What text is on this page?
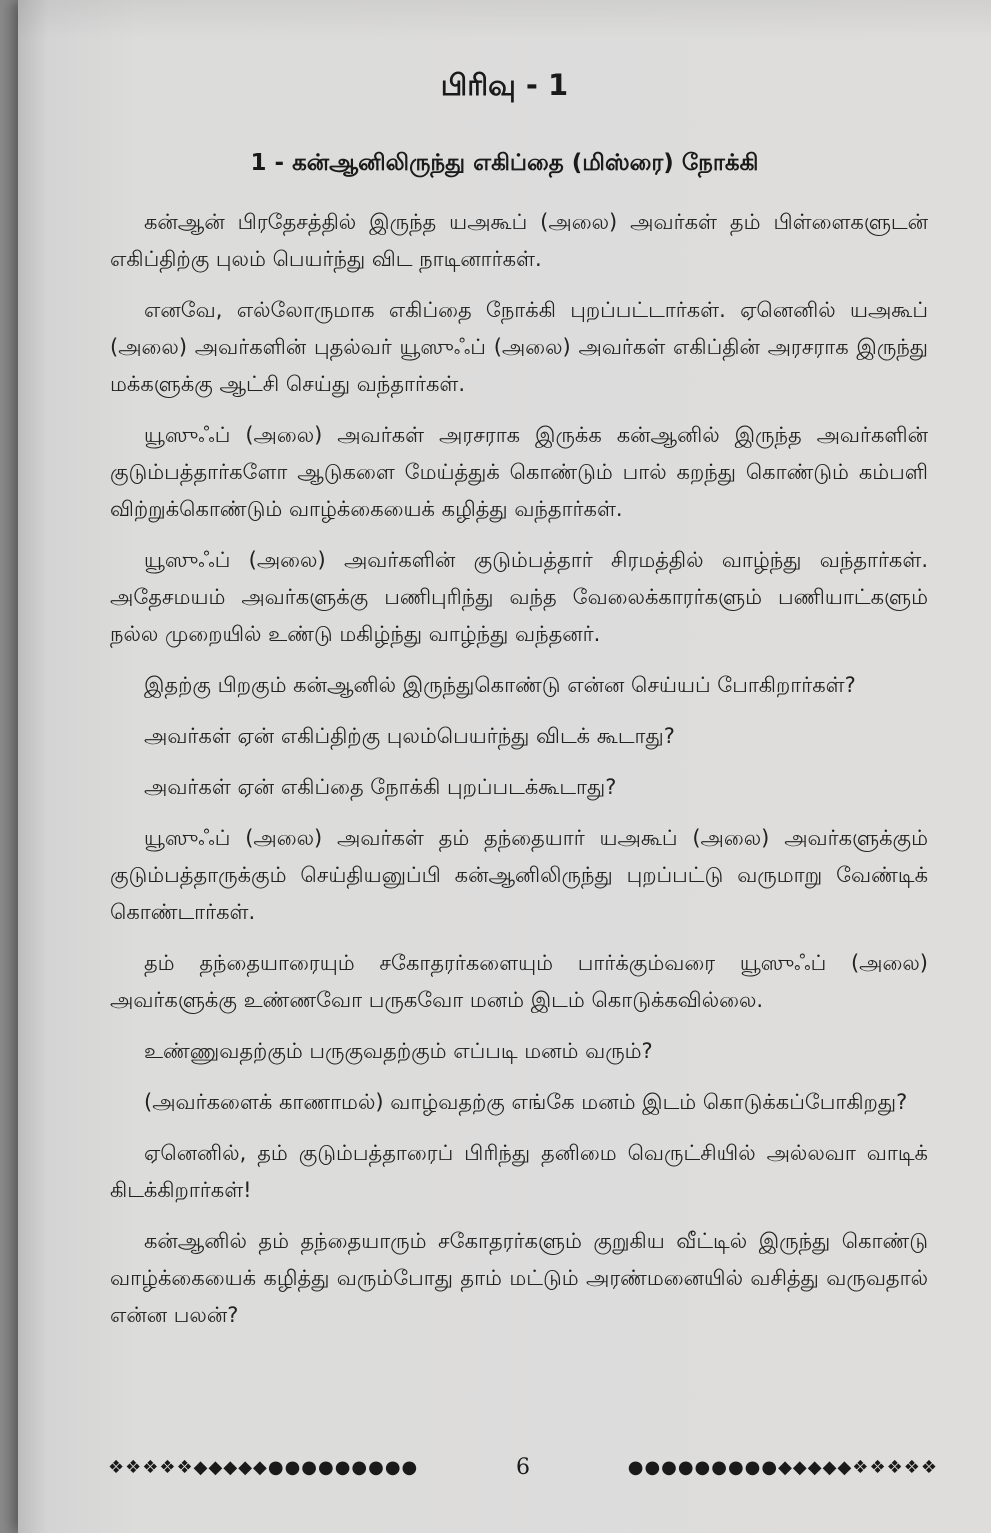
பிரிவு - 1
1 - கன்ஆனிலிருந்து எகிப்தை (மிஸ்ரை) நோக்கி

கன்ஆன் பிரதேசத்தில் இருந்த யஅகூப் (அலை) அவர்கள் தம் பிள்ளைகளுடன் எகிப்திற்கு புலம் பெயர்ந்து விட நாடினார்கள்.

எனவே, எல்லோருமாக எகிப்தை நோக்கி புறப்பட்டார்கள். ஏனெனில் யஅகூப் (அலை) அவர்களின் புதல்வர் யூஸுஃப் (அலை) அவர்கள் எகிப்தின் அரசராக இருந்து மக்களுக்கு ஆட்சி செய்து வந்தார்கள்.

யூஸுஃப் (அலை) அவர்கள் அரசராக இருக்க கன்ஆனில் இருந்த அவர்களின் குடும்பத்தார்களோ ஆடுகளை மேய்த்துக் கொண்டும் பால் கறந்து கொண்டும் கம்பளி விற்றுக்கொண்டும் வாழ்க்கையைக் கழித்து வந்தார்கள்.

யூஸுஃப் (அலை) அவர்களின் குடும்பத்தார் சிரமத்தில் வாழ்ந்து வந்தார்கள். அதேசமயம் அவர்களுக்கு பணிபுரிந்து வந்த வேலைக்காரர்களும் பணியாட்களும் நல்ல முறையில் உண்டு மகிழ்ந்து வாழ்ந்து வந்தனர்.

இதற்கு பிறகும் கன்ஆனில் இருந்துகொண்டு என்ன செய்யப் போகிறார்கள்?

அவர்கள் ஏன் எகிப்திற்கு புலம்பெயர்ந்து விடக் கூடாது?

அவர்கள் ஏன் எகிப்தை நோக்கி புறப்படக்கூடாது?

யூஸுஃப் (அலை) அவர்கள் தம் தந்தையார் யஅகூப் (அலை) அவர்களுக்கும் குடும்பத்தாருக்கும் செய்தியனுப்பி கன்ஆனிலிருந்து புறப்பட்டு வருமாறு வேண்டிக் கொண்டார்கள்.

தம் தந்தையாரையும் சகோதரர்களையும் பார்க்கும்வரை யூஸுஃப் (அலை) அவர்களுக்கு உண்ணவோ பருகவோ மனம் இடம் கொடுக்கவில்லை.

உண்ணுவதற்கும் பருகுவதற்கும் எப்படி மனம் வரும்?

(அவர்களைக் காணாமல்) வாழ்வதற்கு எங்கே மனம் இடம் கொடுக்கப்போகிறது?

ஏனெனில், தம் குடும்பத்தாரைப் பிரிந்து தனிமை வெருட்சியில் அல்லவா வாடிக் கிடக்கிறார்கள்!

கன்ஆனில் தம் தந்தையாரும் சகோதரர்களும் குறுகிய வீட்டில் இருந்து கொண்டு வாழ்க்கையைக் கழித்து வரும்போது தாம் மட்டும் அரண்மனையில் வசித்து வருவதால் என்ன பலன்?

❖❖❖❖❖◆◆◆◆◆●●●●●●●●●	6	●●●●●●●●●◆◆◆◆◆❖❖❖❖❖
